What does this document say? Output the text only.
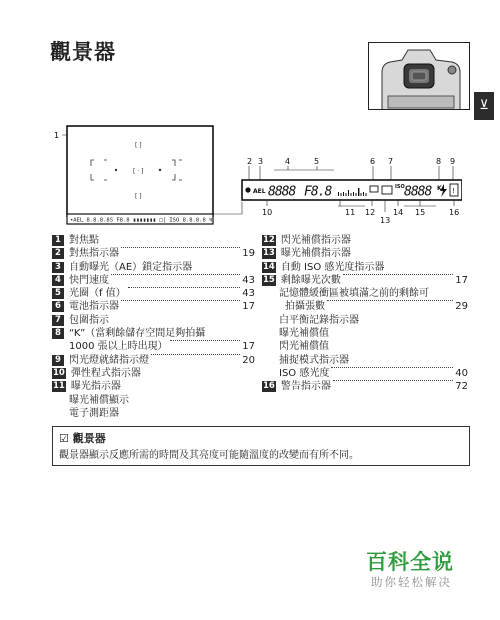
觀景器
⊻
1
[ ]
[ · ]
[ ]
•AEL 8.8.8.8S F8.8 ▮▮▮▮▮▮▮ □[ ISO 8.8.8.8 ↯
2 3	4	5	6 7	8 9
AEL 8888 F8.8	ISO 8888 K !
10	11 12
13
14 15	16
1 對焦點
2 對焦指示器	19
3 自動曝光（AE）鎖定指示器
4 快門速度	43
5 光圈（f 值）	43
6 電池指示器	17
7 包圍指示
8 “K”（當剩餘儲存空間足夠拍攝
1000 張以上時出現）	17
9 閃光燈就緒指示燈	20
10 彈性程式指示器
11 曝光指示器
曝光補償顯示
電子測距器
12 閃光補償指示器
13 曝光補償指示器
14 自動 ISO 感光度指示器
15 剩餘曝光次數	17
記憶體緩衝區被填滿之前的剩餘可
拍攝張數	29
白平衡記錄指示器
曝光補償值
閃光補償值
捕捉模式指示器
ISO 感光度	40
16 警告指示器	72
☑ 觀景器
觀景器顯示反應所需的時間及其亮度可能隨溫度的改變而有所不同。
百科全说
助你轻松解决
